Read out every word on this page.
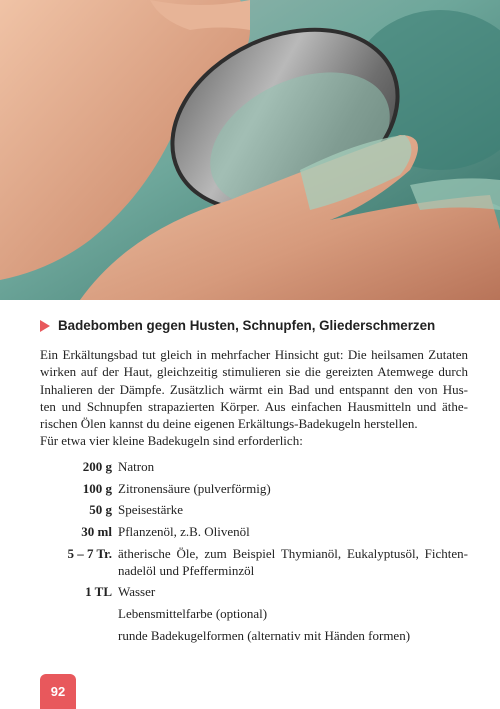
Badebomben gegen Husten, Schnupfen, Gliederschmerzen

Ein Erkältungsbad tut gleich in mehrfacher Hinsicht gut: Die heilsamen Zutaten
wirken auf der Haut, gleichzeitig stimulieren sie die gereizten Atemwege durch
Inhalieren der Dämpfe. Zusätzlich wärmt ein Bad und entspannt den von Hus-
ten und Schnupfen strapazierten Körper. Aus einfachen Hausmitteln und äthe-
rischen Ölen kannst du deine eigenen Erkältungs-Badekugeln herstellen.

Für etwa vier kleine Badekugeln sind erforderlich:

200 g Natron
100 g Zitronensäure (pulverförmig)
50 g Speisestärke
30 ml Pflanzenöl, z.B. Olivenöl
5 – 7 Tr. ätherische Öle, zum Beispiel Thymianöl, Eukalyptusöl, Fichten-
nadelöl und Pfefferminzöl
1 TL Wasser
Lebensmittelfarbe (optional)
runde Badekugelformen (alternativ mit Händen formen)
92
